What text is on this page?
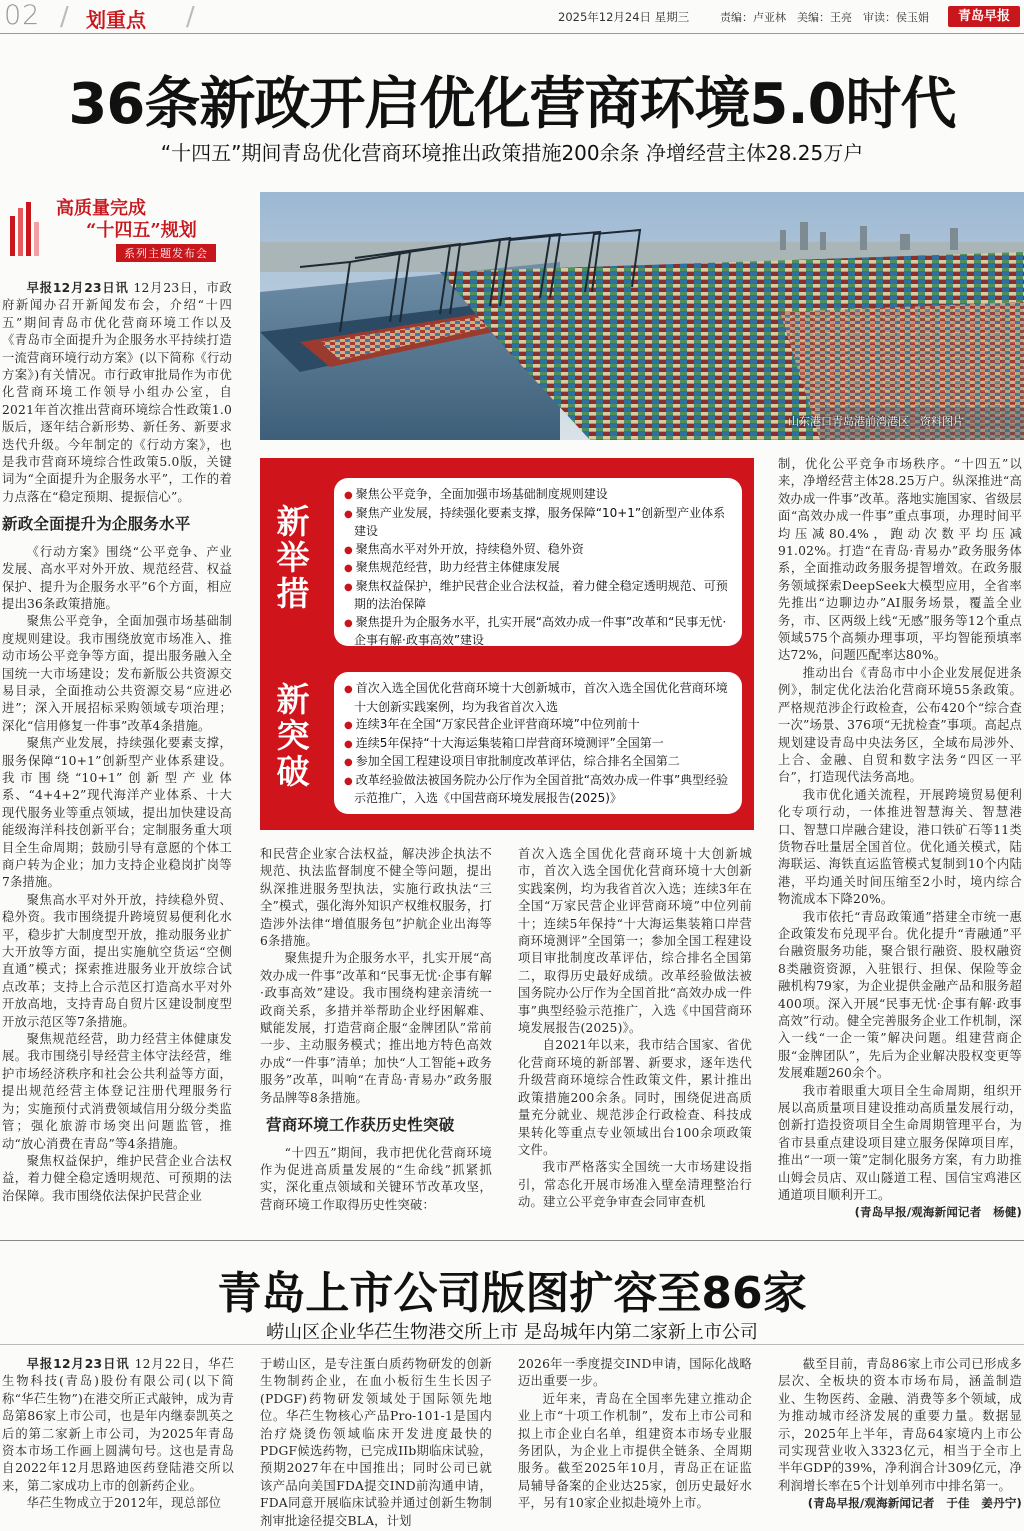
02 / 划重点 /	2025年12月24日 星期三	责编：卢亚林　美编：王亮　审读：侯玉娟	青岛早报
36条新政开启优化营商环境5.0时代
“十四五”期间青岛优化营商环境推出政策措施200余条 净增经营主体28.25万户
高质量完成
“十四五”规划
系列主题发布会
山东港口青岛港前湾港区　资料图片
新举措
新突破
● 聚焦公平竞争，全面加强市场基础制度规则建设
● 聚焦产业发展，持续强化要素支撑，服务保障“10+1”创新型产业体系建设
● 聚焦高水平对外开放，持续稳外贸、稳外资
● 聚焦规范经营，助力经营主体健康发展
● 聚焦权益保护，维护民营企业合法权益，着力健全稳定透明规范、可预期的法治保障
● 聚焦提升为企服务水平，扎实开展“高效办成一件事”改革和“民事无忧·企事有解·政事高效”建设
● 首次入选全国优化营商环境十大创新城市，首次入选全国优化营商环境十大创新实践案例，均为我省首次入选
● 连续3年在全国“万家民营企业评营商环境”中位列前十
● 连续5年保持“十大海运集装箱口岸营商环境测评”全国第一
● 参加全国工程建设项目审批制度改革评估，综合排名全国第二
● 改革经验做法被国务院办公厅作为全国首批“高效办成一件事”典型经验示范推广，入选《中国营商环境发展报告(2025)》

早报12月23日讯 12月23日，市政府新闻办召开新闻发布会，介绍“十四五”期间青岛市优化营商环境工作以及《青岛市全面提升为企服务水平持续打造一流营商环境行动方案》(以下简称《行动方案》)有关情况。市行政审批局作为市优化营商环境工作领导小组办公室，自2021年首次推出营商环境综合性政策1.0版后，逐年结合新形势、新任务、新要求迭代升级。今年制定的《行动方案》，也是我市营商环境综合性政策5.0版，关键词为“全面提升为企服务水平”，工作的着力点落在“稳定预期、提振信心”。

新政全面提升为企服务水平

《行动方案》围绕“公平竞争、产业发展、高水平对外开放、规范经营、权益保护、提升为企服务水平”6个方面，相应提出36条政策措施。

聚焦公平竞争，全面加强市场基础制度规则建设。我市围绕放宽市场准入、推动市场公平竞争等方面，提出服务融入全国统一大市场建设；发布新版公共资源交易目录，全面推动公共资源交易“应进必进”；深入开展招标采购领域专项治理；深化“信用修复一件事”改革4条措施。

聚焦产业发展，持续强化要素支撑，服务保障“10+1”创新型产业体系建设。我市围绕“10+1”创新型产业体系、“4+4+2”现代海洋产业体系、十大现代服务业等重点领域，提出加快建设高能级海洋科技创新平台；定制服务重大项目全生命周期；鼓励引导有意愿的个体工商户转为企业；加力支持企业稳岗扩岗等7条措施。

聚焦高水平对外开放，持续稳外贸、稳外资。我市围绕提升跨境贸易便利化水平，稳步扩大制度型开放，推动服务业扩大开放等方面，提出实施航空货运“空侧直通”模式；探索推进服务业开放综合试点改革；支持上合示范区打造高水平对外开放高地，支持青岛自贸片区建设制度型开放示范区等7条措施。

聚焦规范经营，助力经营主体健康发展。我市围绕引导经营主体守法经营，维护市场经济秩序和社会公共利益等方面，提出规范经营主体登记注册代理服务行为；实施预付式消费领域信用分级分类监管；强化旅游市场突出问题监管，推动“放心消费在青岛”等4条措施。

聚焦权益保护，维护民营企业合法权益，着力健全稳定透明规范、可预期的法治保障。我市围绕依法保护民营企业

和民营企业家合法权益，解决涉企执法不规范、执法监督制度不健全等问题，提出纵深推进服务型执法，实施行政执法“三全”模式，强化海外知识产权维权服务，打造涉外法律“增值服务包”护航企业出海等6条措施。

聚焦提升为企服务水平，扎实开展“高效办成一件事”改革和“民事无忧·企事有解·政事高效”建设。我市围绕构建亲清统一政商关系，多措并举帮助企业纾困解难、赋能发展，打造营商企服“金牌团队”常前一步、主动服务模式；推出地方特色高效办成“一件事”清单；加快“人工智能+政务服务”改革，叫响“在青岛·青易办”政务服务品牌等8条措施。

营商环境工作获历史性突破

“十四五”期间，我市把优化营商环境作为促进高质量发展的“生命线”抓紧抓实，深化重点领域和关键环节改革攻坚，营商环境工作取得历史性突破：

首次入选全国优化营商环境十大创新城市，首次入选全国优化营商环境十大创新实践案例，均为我省首次入选；连续3年在全国“万家民营企业评营商环境”中位列前十；连续5年保持“十大海运集装箱口岸营商环境测评”全国第一；参加全国工程建设项目审批制度改革评估，综合排名全国第二，取得历史最好成绩。改革经验做法被国务院办公厅作为全国首批“高效办成一件事”典型经验示范推广，入选《中国营商环境发展报告(2025)》。

自2021年以来，我市结合国家、省优化营商环境的新部署、新要求，逐年迭代升级营商环境综合性政策文件，累计推出政策措施200余条。同时，围绕促进高质量充分就业、规范涉企行政检查、科技成果转化等重点专业领域出台100余项政策文件。

我市严格落实全国统一大市场建设指引，常态化开展市场准入壁垒清理整治行动。建立公平竞争审查会同审查机

制，优化公平竞争市场秩序。“十四五”以来，净增经营主体28.25万户。纵深推进“高效办成一件事”改革。落地实施国家、省级层面“高效办成一件事”重点事项，办理时间平均压减80.4%，跑动次数平均压减91.02%。打造“在青岛·青易办”政务服务体系，全面推动政务服务提智增效。在政务服务领域探索DeepSeek大模型应用，全省率先推出“边聊边办”AI服务场景，覆盖全业务，市、区两级上线“无感”服务等12个重点领域575个高频办理事项，平均智能预填率达72%，问题匹配率达80%。

推动出台《青岛市中小企业发展促进条例》，制定优化法治化营商环境55条政策。严格规范涉企行政检查，公布420个“综合查一次”场景、376项“无扰检查”事项。高起点规划建设青岛中央法务区，全域布局涉外、上合、金融、自贸和数字法务“四区一平台”，打造现代法务高地。

我市优化通关流程，开展跨境贸易便利化专项行动，一体推进智慧海关、智慧港口、智慧口岸融合建设，港口铁矿石等11类货物吞吐量居全国首位。优化通关模式，陆海联运、海铁直运监管模式复制到10个内陆港，平均通关时间压缩至2小时，境内综合物流成本下降20%。

我市依托“青岛政策通”搭建全市统一惠企政策发布兑现平台。优化提升“青融通”平台融资服务功能，聚合银行融资、股权融资8类融资资源，入驻银行、担保、保险等金融机构79家，为企业提供金融产品和服务超400项。深入开展“民事无忧·企事有解·政事高效”行动。健全完善服务企业工作机制，深入一线“一企一策”解决问题。组建营商企服“金牌团队”，先后为企业解决股权变更等发展难题260余个。

我市着眼重大项目全生命周期，组织开展以高质量项目建设推动高质量发展行动，创新打造投资项目全生命周期管理平台，为省市县重点建设项目建立服务保障项目库，推出“一项一策”定制化服务方案，有力助推山姆会员店、双山隧道工程、国信宝鸡港区通道项目顺利开工。

(青岛早报/观海新闻记者　杨健)
青岛上市公司版图扩容至86家
崂山区企业华芢生物港交所上市 是岛城年内第二家新上市公司

早报12月23日讯 12月22日，华芢生物科技(青岛)股份有限公司(以下简称“华芢生物”)在港交所正式敲钟，成为青岛第86家上市公司，也是年内继泰凯英之后的第二家新上市公司，为2025年青岛资本市场工作画上圆满句号。这也是青岛自2022年12月思路迪医药登陆港交所以来，第二家成功上市的创新药企业。

华芢生物成立于2012年，现总部位

于崂山区，是专注蛋白质药物研发的创新生物制药企业，在血小板衍生生长因子(PDGF)药物研发领域处于国际领先地位。华芢生物核心产品Pro-101-1是国内治疗烧烫伤领域临床开发进度最快的PDGF候选药物，已完成IIb期临床试验，预期2027年在中国推出；同时公司已就该产品向美国FDA提交IND前沟通申请，FDA同意开展临床试验并通过创新生物制剂审批途径提交BLA，计划

2026年一季度提交IND申请，国际化战略迈出重要一步。

近年来，青岛在全国率先建立推动企业上市“十项工作机制”，发布上市公司和拟上市企业白名单，组建资本市场专业服务团队，为企业上市提供全链条、全周期服务。截至2025年10月，青岛正在证监局辅导备案的企业达25家，创历史最好水平，另有10家企业拟赴境外上市。

截至目前，青岛86家上市公司已形成多层次、全板块的资本市场布局，涵盖制造业、生物医药、金融、消费等多个领域，成为推动城市经济发展的重要力量。数据显示，2025年上半年，青岛64家境内上市公司实现营业收入3323亿元，相当于全市上半年GDP的39%，净利润合计309亿元，净利润增长率在5个计划单列市中排名第一。

(青岛早报/观海新闻记者　于佳　姜丹宁)
